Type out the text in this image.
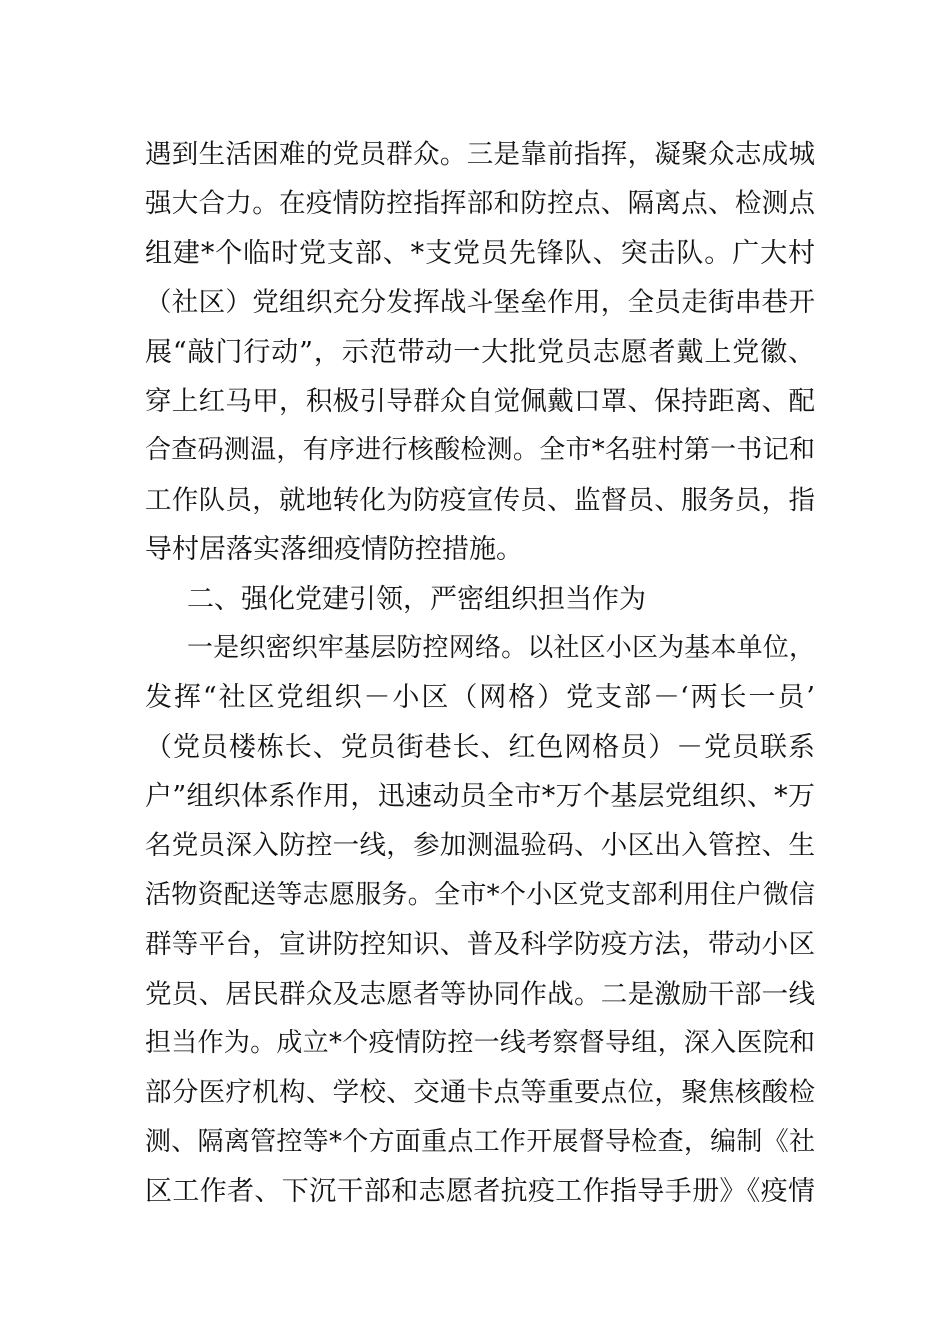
遇到生活困难的党员群众。三是靠前指挥，凝聚众志成城
强大合力。在疫情防控指挥部和防控点、隔离点、检测点
组建*个临时党支部、*支党员先锋队、突击队。广大村
（社区）党组织充分发挥战斗堡垒作用，全员走街串巷开
展“敲门行动”，示范带动一大批党员志愿者戴上党徽、
穿上红马甲，积极引导群众自觉佩戴口罩、保持距离、配
合查码测温，有序进行核酸检测。全市*名驻村第一书记和
工作队员，就地转化为防疫宣传员、监督员、服务员，指
导村居落实落细疫情防控措施。
二、强化党建引领，严密组织担当作为
一是织密织牢基层防控网络。以社区小区为基本单位，
发挥“社区党组织－小区（网格）党支部－‘两长一员’
（党员楼栋长、党员街巷长、红色网格员）－党员联系
户”组织体系作用，迅速动员全市*万个基层党组织、*万
名党员深入防控一线，参加测温验码、小区出入管控、生
活物资配送等志愿服务。全市*个小区党支部利用住户微信
群等平台，宣讲防控知识、普及科学防疫方法，带动小区
党员、居民群众及志愿者等协同作战。二是激励干部一线
担当作为。成立*个疫情防控一线考察督导组，深入医院和
部分医疗机构、学校、交通卡点等重要点位，聚焦核酸检
测、隔离管控等*个方面重点工作开展督导检查，编制《社
区工作者、下沉干部和志愿者抗疫工作指导手册》《疫情
